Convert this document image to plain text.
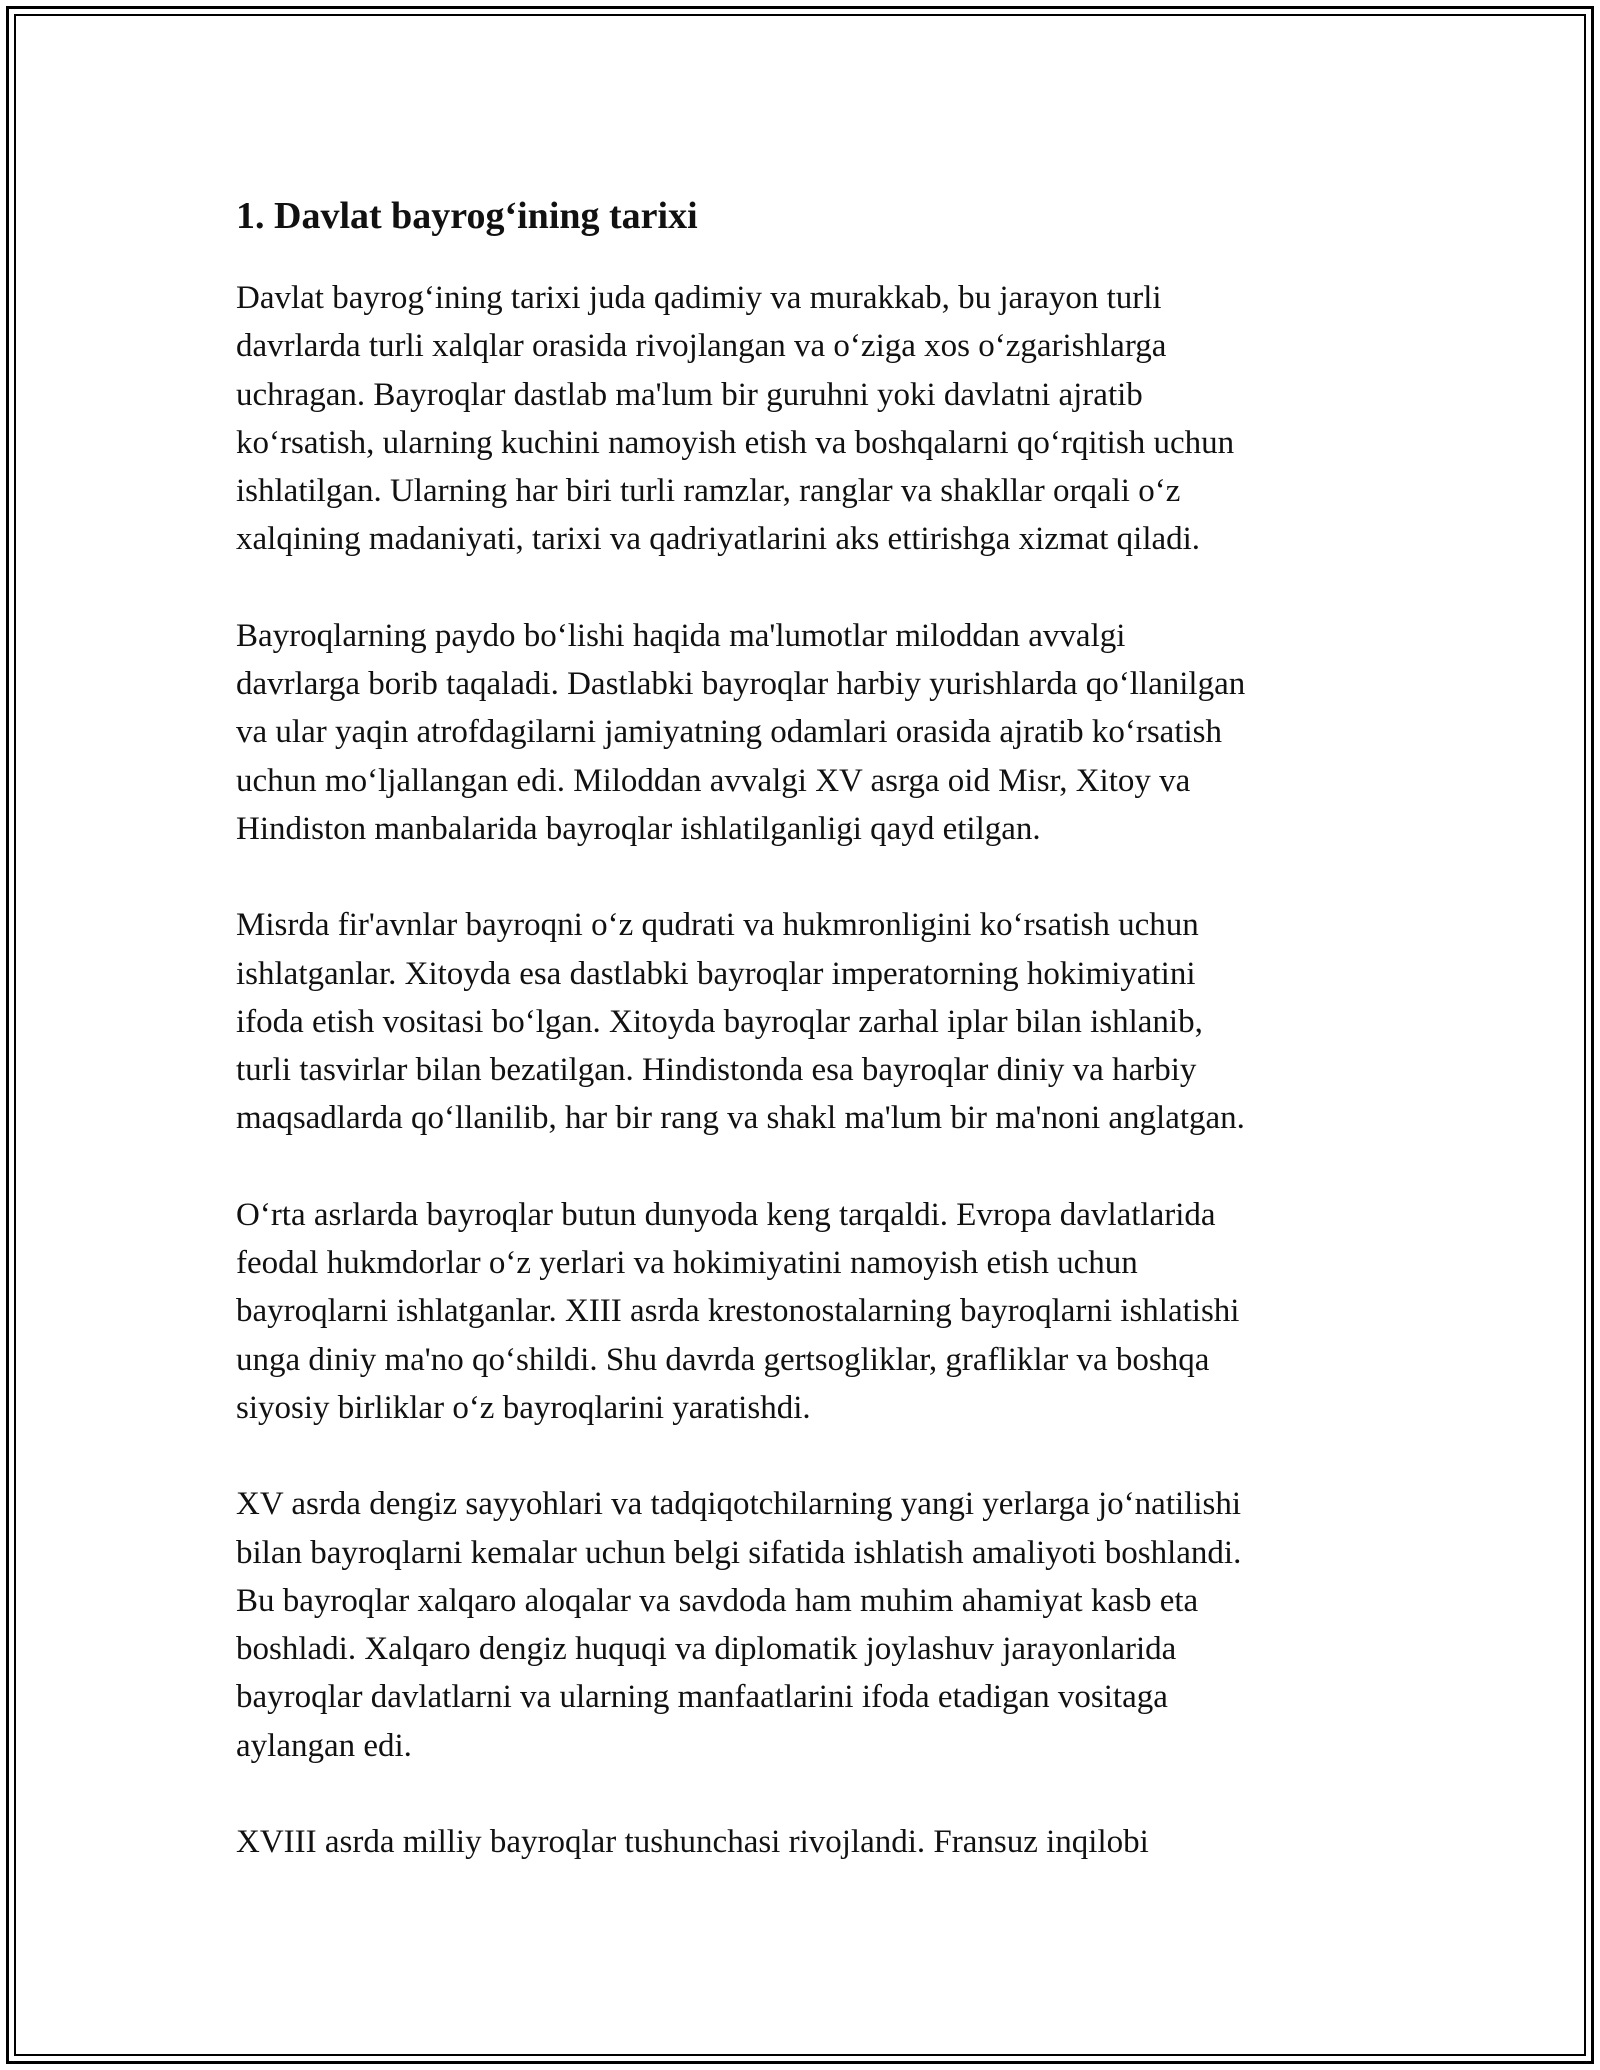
1. Davlat bayrog‘ining tarixi

Davlat bayrog‘ining tarixi juda qadimiy va murakkab, bu jarayon turli
davrlarda turli xalqlar orasida rivojlangan va o‘ziga xos o‘zgarishlarga
uchragan. Bayroqlar dastlab ma'lum bir guruhni yoki davlatni ajratib
ko‘rsatish, ularning kuchini namoyish etish va boshqalarni qo‘rqitish uchun
ishlatilgan. Ularning har biri turli ramzlar, ranglar va shakllar orqali o‘z
xalqining madaniyati, tarixi va qadriyatlarini aks ettirishga xizmat qiladi.

Bayroqlarning paydo bo‘lishi haqida ma'lumotlar miloddan avvalgi
davrlarga borib taqaladi. Dastlabki bayroqlar harbiy yurishlarda qo‘llanilgan
va ular yaqin atrofdagilarni jamiyatning odamlari orasida ajratib ko‘rsatish
uchun mo‘ljallangan edi. Miloddan avvalgi XV asrga oid Misr, Xitoy va
Hindiston manbalarida bayroqlar ishlatilganligi qayd etilgan.

Misrda fir'avnlar bayroqni o‘z qudrati va hukmronligini ko‘rsatish uchun
ishlatganlar. Xitoyda esa dastlabki bayroqlar imperatorning hokimiyatini
ifoda etish vositasi bo‘lgan. Xitoyda bayroqlar zarhal iplar bilan ishlanib,
turli tasvirlar bilan bezatilgan. Hindistonda esa bayroqlar diniy va harbiy
maqsadlarda qo‘llanilib, har bir rang va shakl ma'lum bir ma'noni anglatgan.

O‘rta asrlarda bayroqlar butun dunyoda keng tarqaldi. Evropa davlatlarida
feodal hukmdorlar o‘z yerlari va hokimiyatini namoyish etish uchun
bayroqlarni ishlatganlar. XIII asrda krestonostalarning bayroqlarni ishlatishi
unga diniy ma'no qo‘shildi. Shu davrda gertsogliklar, grafliklar va boshqa
siyosiy birliklar o‘z bayroqlarini yaratishdi.

XV asrda dengiz sayyohlari va tadqiqotchilarning yangi yerlarga jo‘natilishi
bilan bayroqlarni kemalar uchun belgi sifatida ishlatish amaliyoti boshlandi.
Bu bayroqlar xalqaro aloqalar va savdoda ham muhim ahamiyat kasb eta
boshladi. Xalqaro dengiz huquqi va diplomatik joylashuv jarayonlarida
bayroqlar davlatlarni va ularning manfaatlarini ifoda etadigan vositaga
aylangan edi.

XVIII asrda milliy bayroqlar tushunchasi rivojlandi. Fransuz inqilobi
